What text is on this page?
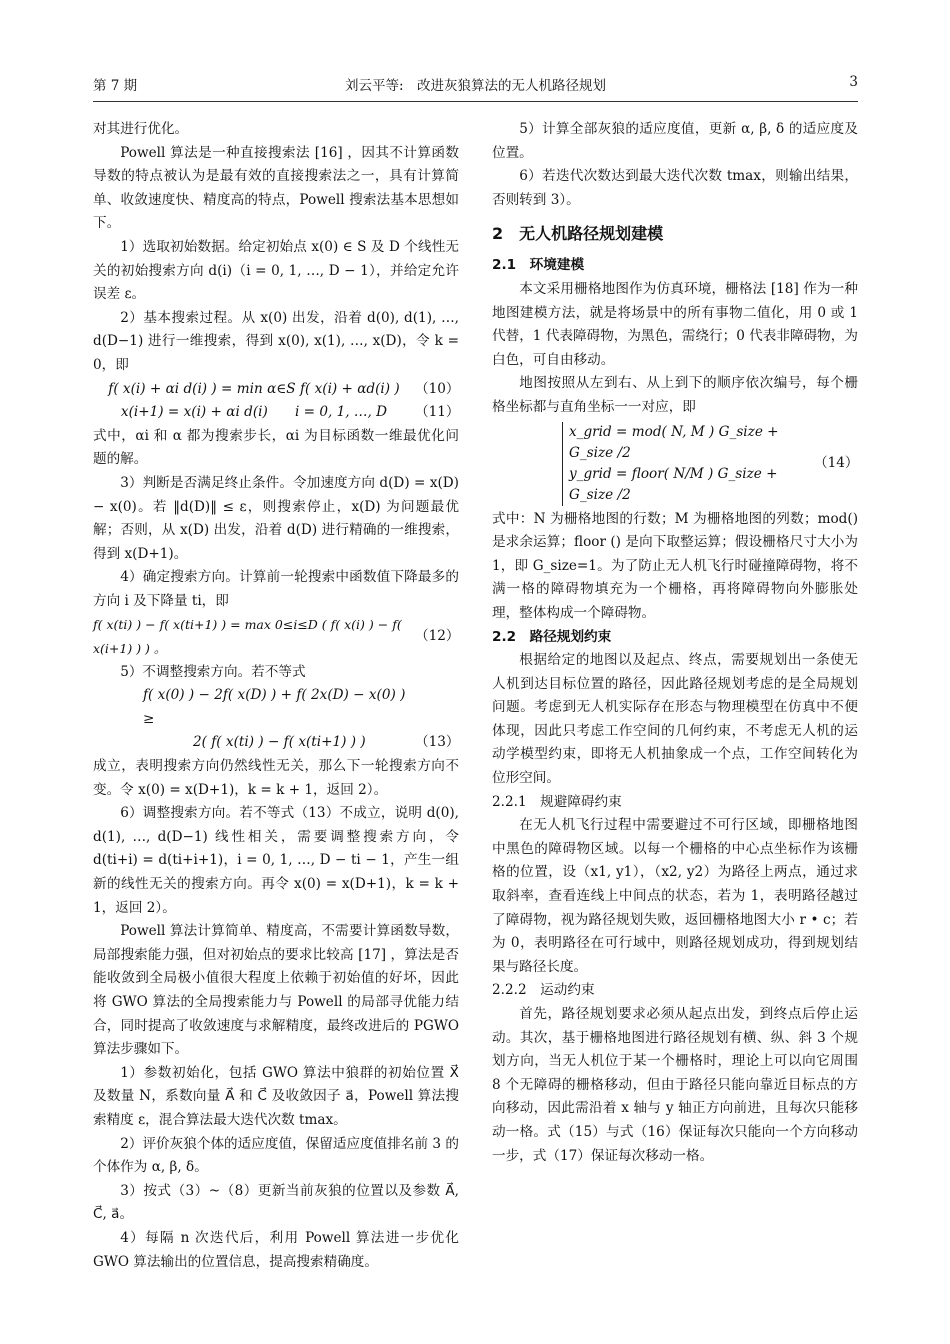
第 7 期	刘云平等:　改进灰狼算法的无人机路径规划	3

对其进行优化。

Powell 算法是一种直接搜索法 [16] ，因其不计算函数导数的特点被认为是最有效的直接搜索法之一，具有计算简单、收敛速度快、精度高的特点，Powell 搜索法基本思想如下。

1）选取初始数据。给定初始点 x(0) ∈ S 及 D 个线性无关的初始搜索方向 d(i)（i = 0, 1, …, D − 1），并给定允许误差 ε。

2）基本搜索过程。从 x(0) 出发，沿着 d(0), d(1), …, d(D−1) 进行一维搜索，得到 x(0), x(1), …, x(D)，令 k = 0，即

f( x(i) + αi d(i) ) = min α∈S f( x(i) + αd(i) )	（10）
x(i+1) = x(i) + αi d(i)　　i = 0, 1, …, D	（11）

式中，αi 和 α 都为搜索步长，αi 为目标函数一维最优化问题的解。

3）判断是否满足终止条件。令加速度方向 d(D) = x(D) − x(0)。若 ‖d(D)‖ ≤ ε，则搜索停止，x(D) 为问题最优解；否则，从 x(D) 出发，沿着 d(D) 进行精确的一维搜索，得到 x(D+1)。

4）确定搜索方向。计算前一轮搜索中函数值下降最多的方向 i 及下降量 ti，即

f( x(ti) ) − f( x(ti+1) ) = max 0≤i≤D ( f( x(i) ) − f( x(i+1) ) ) 。
（12）

5）不调整搜索方向。若不等式

f( x(0) ) − 2f( x(D) ) + f( 2x(D) − x(0) ) ≥
2( f( x(ti) ) − f( x(ti+1) ) )	（13）

成立，表明搜索方向仍然线性无关，那么下一轮搜索方向不变。令 x(0) = x(D+1)，k = k + 1，返回 2）。

6）调整搜索方向。若不等式（13）不成立，说明 d(0), d(1), …, d(D−1) 线性相关，需要调整搜索方向，令 d(ti+i) = d(ti+i+1)，i = 0, 1, …, D − ti − 1，产生一组新的线性无关的搜索方向。再令 x(0) = x(D+1)，k = k + 1，返回 2）。

Powell 算法计算简单、精度高，不需要计算函数导数，局部搜索能力强，但对初始点的要求比较高 [17] ，算法是否能收敛到全局极小值很大程度上依赖于初始值的好坏，因此将 GWO 算法的全局搜索能力与 Powell 的局部寻优能力结合，同时提高了收敛速度与求解精度，最终改进后的 PGWO 算法步骤如下。

1）参数初始化，包括 GWO 算法中狼群的初始位置 X⃗ 及数量 N，系数向量 A⃗ 和 C⃗ 及收敛因子 a⃗，Powell 算法搜索精度 ε，混合算法最大迭代次数 tmax。

2）评价灰狼个体的适应度值，保留适应度值排名前 3 的个体作为 α, β, δ。

3）按式（3）~（8）更新当前灰狼的位置以及参数 A⃗, C⃗, a⃗。

4）每隔 n 次迭代后，利用 Powell 算法进一步优化 GWO 算法输出的位置信息，提高搜索精确度。

5）计算全部灰狼的适应度值，更新 α, β, δ 的适应度及位置。

6）若迭代次数达到最大迭代次数 tmax，则输出结果，否则转到 3）。

2　无人机路径规划建模
2.1　环境建模

本文采用栅格地图作为仿真环境，栅格法 [18] 作为一种地图建模方法，就是将场景中的所有事物二值化，用 0 或 1 代替，1 代表障碍物，为黑色，需绕行；0 代表非障碍物，为白色，可自由移动。

地图按照从左到右、从上到下的顺序依次编号，每个栅格坐标都与直角坐标一一对应，即

x_grid = mod( N, M ) G_size + G_size /2
y_grid = floor( N/M ) G_size + G_size /2
（14）

式中：N 为栅格地图的行数；M 为栅格地图的列数；mod() 是求余运算；floor () 是向下取整运算；假设栅格尺寸大小为 1，即 G_size=1。为了防止无人机飞行时碰撞障碍物，将不满一格的障碍物填充为一个栅格，再将障碍物向外膨胀处理，整体构成一个障碍物。

2.2　路径规划约束

根据给定的地图以及起点、终点，需要规划出一条使无人机到达目标位置的路径，因此路径规划考虑的是全局规划问题。考虑到无人机实际存在形态与物理模型在仿真中不便体现，因此只考虑工作空间的几何约束，不考虑无人机的运动学模型约束，即将无人机抽象成一个点，工作空间转化为位形空间。

2.2.1　规避障碍约束

在无人机飞行过程中需要避过不可行区域，即栅格地图中黑色的障碍物区域。以每一个栅格的中心点坐标作为该栅格的位置，设（x1, y1），（x2, y2）为路径上两点，通过求取斜率，查看连线上中间点的状态，若为 1，表明路径越过了障碍物，视为路径规划失败，返回栅格地图大小 r • c；若为 0，表明路径在可行域中，则路径规划成功，得到规划结果与路径长度。

2.2.2　运动约束

首先，路径规划要求必须从起点出发，到终点后停止运动。其次，基于栅格地图进行路径规划有横、纵、斜 3 个规划方向，当无人机位于某一个栅格时，理论上可以向它周围 8 个无障碍的栅格移动，但由于路径只能向靠近目标点的方向移动，因此需沿着 x 轴与 y 轴正方向前进，且每次只能移动一格。式（15）与式（16）保证每次只能向一个方向移动一步，式（17）保证每次移动一格。
